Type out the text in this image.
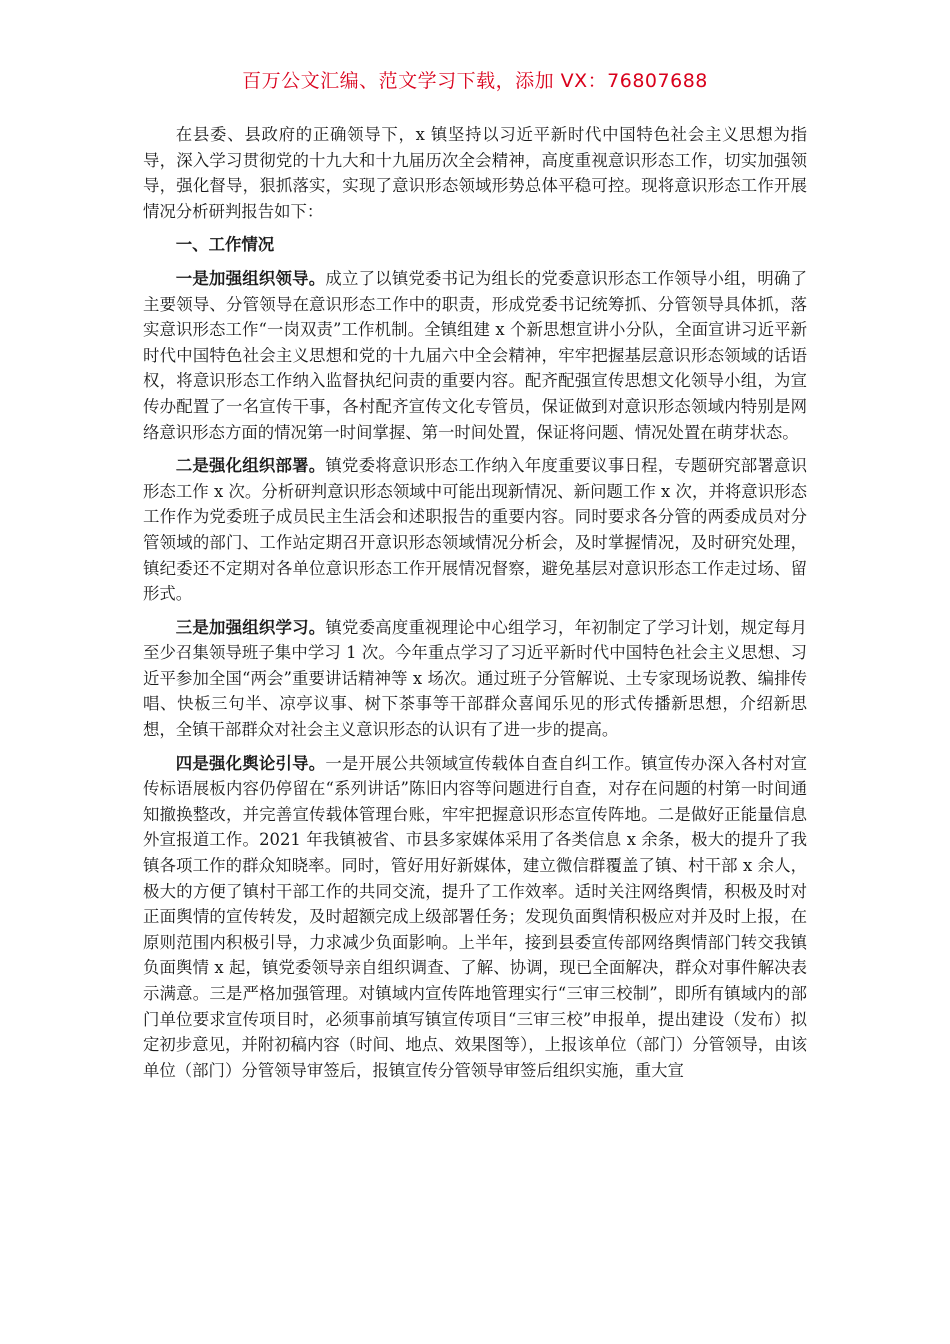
百万公文汇编、范文学习下载，添加 VX：76807688

在县委、县政府的正确领导下，x 镇坚持以习近平新时代中国特色社会主义思想为指导，深入学习贯彻党的十九大和十九届历次全会精神，高度重视意识形态工作，切实加强领导，强化督导，狠抓落实，实现了意识形态领域形势总体平稳可控。现将意识形态工作开展情况分析研判报告如下：

一、工作情况

一是加强组织领导。成立了以镇党委书记为组长的党委意识形态工作领导小组，明确了主要领导、分管领导在意识形态工作中的职责，形成党委书记统筹抓、分管领导具体抓，落实意识形态工作“一岗双责”工作机制。全镇组建 x 个新思想宣讲小分队，全面宣讲习近平新时代中国特色社会主义思想和党的十九届六中全会精神，牢牢把握基层意识形态领域的话语权，将意识形态工作纳入监督执纪问责的重要内容。配齐配强宣传思想文化领导小组，为宣传办配置了一名宣传干事，各村配齐宣传文化专管员，保证做到对意识形态领域内特别是网络意识形态方面的情况第一时间掌握、第一时间处置，保证将问题、情况处置在萌芽状态。

二是强化组织部署。镇党委将意识形态工作纳入年度重要议事日程，专题研究部署意识形态工作 x 次。分析研判意识形态领域中可能出现新情况、新问题工作 x 次，并将意识形态工作作为党委班子成员民主生活会和述职报告的重要内容。同时要求各分管的两委成员对分管领域的部门、工作站定期召开意识形态领域情况分析会，及时掌握情况，及时研究处理，镇纪委还不定期对各单位意识形态工作开展情况督察，避免基层对意识形态工作走过场、留形式。

三是加强组织学习。镇党委高度重视理论中心组学习，年初制定了学习计划，规定每月至少召集领导班子集中学习 1 次。今年重点学习了习近平新时代中国特色社会主义思想、习近平参加全国“两会”重要讲话精神等 x 场次。通过班子分管解说、土专家现场说教、编排传唱、快板三句半、凉亭议事、树下茶事等干部群众喜闻乐见的形式传播新思想，介绍新思想，全镇干部群众对社会主义意识形态的认识有了进一步的提高。

四是强化舆论引导。一是开展公共领域宣传载体自查自纠工作。镇宣传办深入各村对宣传标语展板内容仍停留在“系列讲话”陈旧内容等问题进行自查，对存在问题的村第一时间通知撤换整改，并完善宣传载体管理台账，牢牢把握意识形态宣传阵地。二是做好正能量信息外宣报道工作。2021 年我镇被省、市县多家媒体采用了各类信息 x 余条，极大的提升了我镇各项工作的群众知晓率。同时，管好用好新媒体，建立微信群覆盖了镇、村干部 x 余人，极大的方便了镇村干部工作的共同交流，提升了工作效率。适时关注网络舆情，积极及时对正面舆情的宣传转发，及时超额完成上级部署任务；发现负面舆情积极应对并及时上报，在原则范围内积极引导，力求减少负面影响。上半年，接到县委宣传部网络舆情部门转交我镇负面舆情 x 起，镇党委领导亲自组织调查、了解、协调，现已全面解决，群众对事件解决表示满意。三是严格加强管理。对镇域内宣传阵地管理实行“三审三校制”，即所有镇域内的部门单位要求宣传项目时，必须事前填写镇宣传项目“三审三校”申报单，提出建设（发布）拟定初步意见，并附初稿内容（时间、地点、效果图等），上报该单位（部门）分管领导，由该单位（部门）分管领导审签后，报镇宣传分管领导审签后组织实施，重大宣
